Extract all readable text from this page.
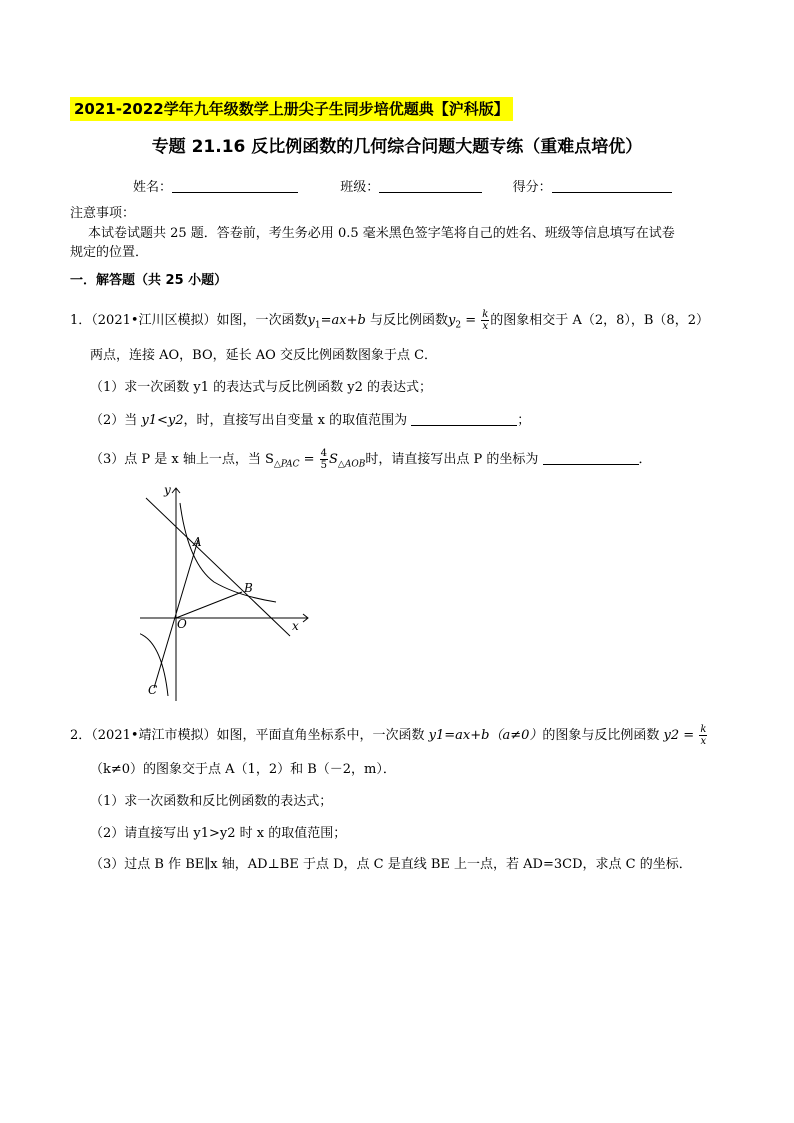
2021-2022学年九年级数学上册尖子生同步培优题典【沪科版】
专题 21.16 反比例函数的几何综合问题大题专练（重难点培优）
姓名：	班级：	得分：
注意事项：
本试卷试题共 25 题．答卷前，考生务必用 0.5 毫米黑色签字笔将自己的姓名、班级等信息填写在试卷
规定的位置．
一．解答题（共 25 小题）
1．（2021•江川区模拟）如图，一次函数$y_1=ax+b$ 与反比例函数$y_2 = \frac{k}{x}$ 的图象相交于 A（2，8），B（8，2）
两点，连接 AO，BO，延长 AO 交反比例函数图象于点 C．
（1）求一次函数 y1 的表达式与反比例函数 y2 的表达式；
（2）当 y1<y2，时，直接写出自变量 x 的取值范围为	；
（3）点 P 是 x 轴上一点，当 $S_{\triangle PAC} = \frac{4}{5} S_{\triangle AOB}$时，请直接写出点 P 的坐标为	．
y
x
A
B
O
C
2．（2021•靖江市模拟）如图，平面直角坐标系中，一次函数 y1=ax+b（a≠0）的图象与反比例函数 $y2 = \frac{k}{x}$
（k≠0）的图象交于点 A（1，2）和 B（－2，m）．
（1）求一次函数和反比例函数的表达式；
（2）请直接写出 y1>y2 时 x 的取值范围；
（3）过点 B 作 BE∥x 轴，AD⊥BE 于点 D，点 C 是直线 BE 上一点，若 AD=3CD，求点 C 的坐标．
